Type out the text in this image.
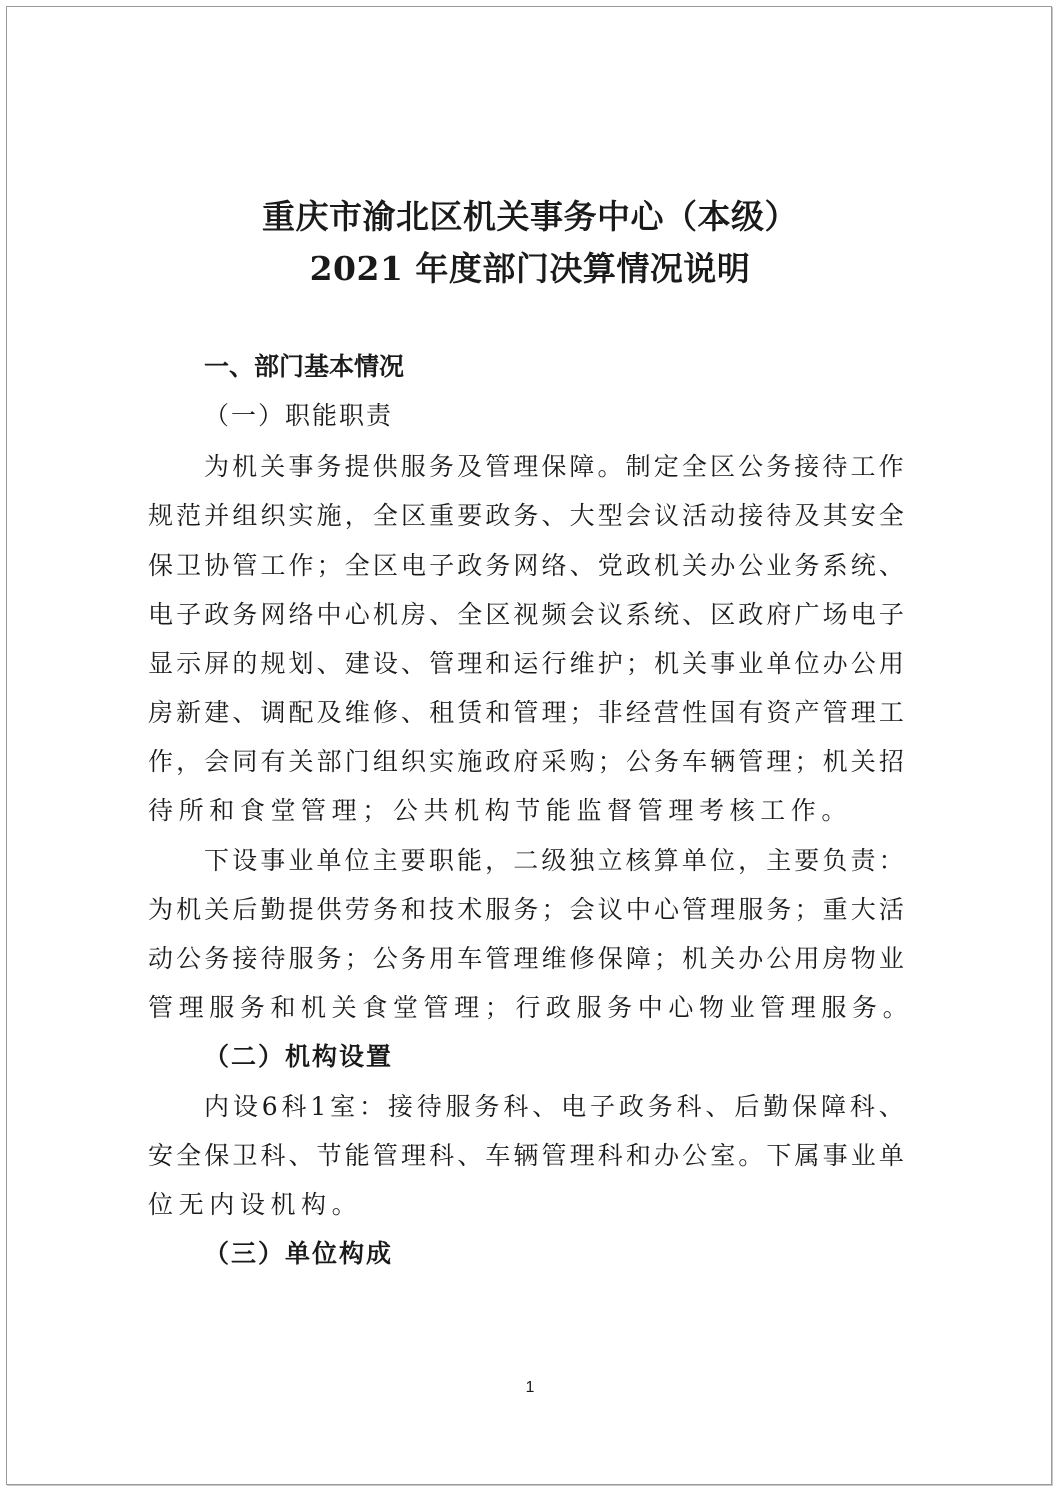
重庆市渝北区机关事务中心（本级）
2021 年度部门决算情况说明
一、部门基本情况
（一）职能职责
为 机 关 事 务 提 供 服 务 及 管 理 保 障 。 制 定 全 区 公 务 接 待 工 作
规 范 并 组 织 实 施 ， 全 区 重 要 政 务 、 大 型 会 议 活 动 接 待 及 其 安 全
保 卫 协 管 工 作 ； 全 区 电 子 政 务 网 络 、 党 政 机 关 办 公 业 务 系 统 、
电 子 政 务 网 络 中 心 机 房 、 全 区 视 频 会 议 系 统 、 区 政 府 广 场 电 子
显 示 屏 的 规 划 、 建 设 、 管 理 和 运 行 维 护 ； 机 关 事 业 单 位 办 公 用
房 新 建 、 调 配 及 维 修 、 租 赁 和 管 理 ； 非 经 营 性 国 有 资 产 管 理 工
作 ， 会 同 有 关 部 门 组 织 实 施 政 府 采 购 ； 公 务 车 辆 管 理 ； 机 关 招
待 所 和 食 堂 管 理 ； 公 共 机 构 节 能 监 督 管 理 考 核 工 作 。
下 设 事 业 单 位 主 要 职 能 ， 二 级 独 立 核 算 单 位 ， 主 要 负 责 ：
为 机 关 后 勤 提 供 劳 务 和 技 术 服 务 ； 会 议 中 心 管 理 服 务 ； 重 大 活
动 公 务 接 待 服 务 ； 公 务 用 车 管 理 维 修 保 障 ； 机 关 办 公 用 房 物 业
管 理 服 务 和 机 关 食 堂 管 理 ； 行 政 服 务 中 心 物 业 管 理 服 务 。
（二）机构设置
内 设 6 科 1 室 ： 接 待 服 务 科 、 电 子 政 务 科 、 后 勤 保 障 科 、
安 全 保 卫 科 、 节 能 管 理 科 、 车 辆 管 理 科 和 办 公 室 。 下 属 事 业 单
位 无 内 设 机 构 。
（三）单位构成
1
